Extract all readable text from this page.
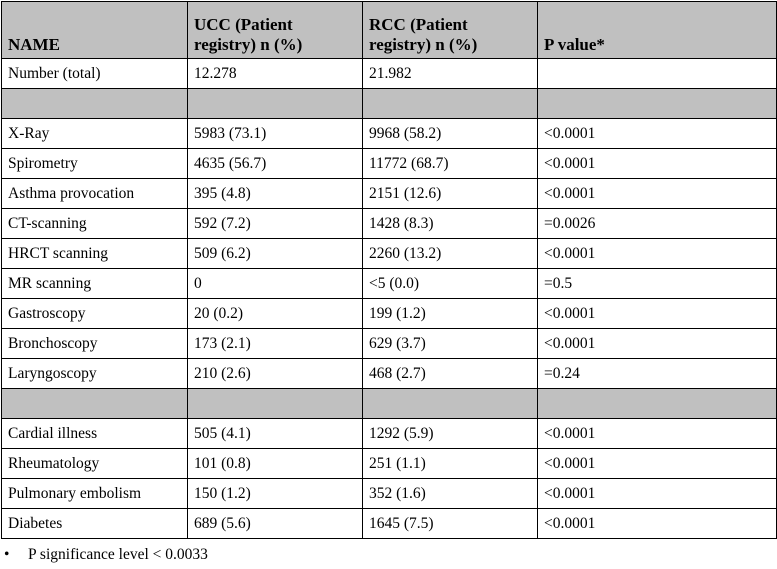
NAME	UCC (Patient
registry) n (%)	RCC (Patient
registry) n (%)	P value*
Number (total)	12.278	21.982	

X-Ray	5983 (73.1)	9968 (58.2)	<0.0001
Spirometry	4635 (56.7)	11772 (68.7)	<0.0001
Asthma provocation	395 (4.8)	2151 (12.6)	<0.0001
CT-scanning	592 (7.2)	1428 (8.3)	=0.0026
HRCT scanning	509 (6.2)	2260 (13.2)	<0.0001
MR scanning	0	<5 (0.0)	=0.5
Gastroscopy	20 (0.2)	199 (1.2)	<0.0001
Bronchoscopy	173 (2.1)	629 (3.7)	<0.0001
Laryngoscopy	210 (2.6)	468 (2.7)	=0.24

Cardial illness	505 (4.1)	1292 (5.9)	<0.0001
Rheumatology	101 (0.8)	251 (1.1)	<0.0001
Pulmonary embolism	150 (1.2)	352 (1.6)	<0.0001
Diabetes	689 (5.6)	1645 (7.5)	<0.0001
• P significance level < 0.0033
